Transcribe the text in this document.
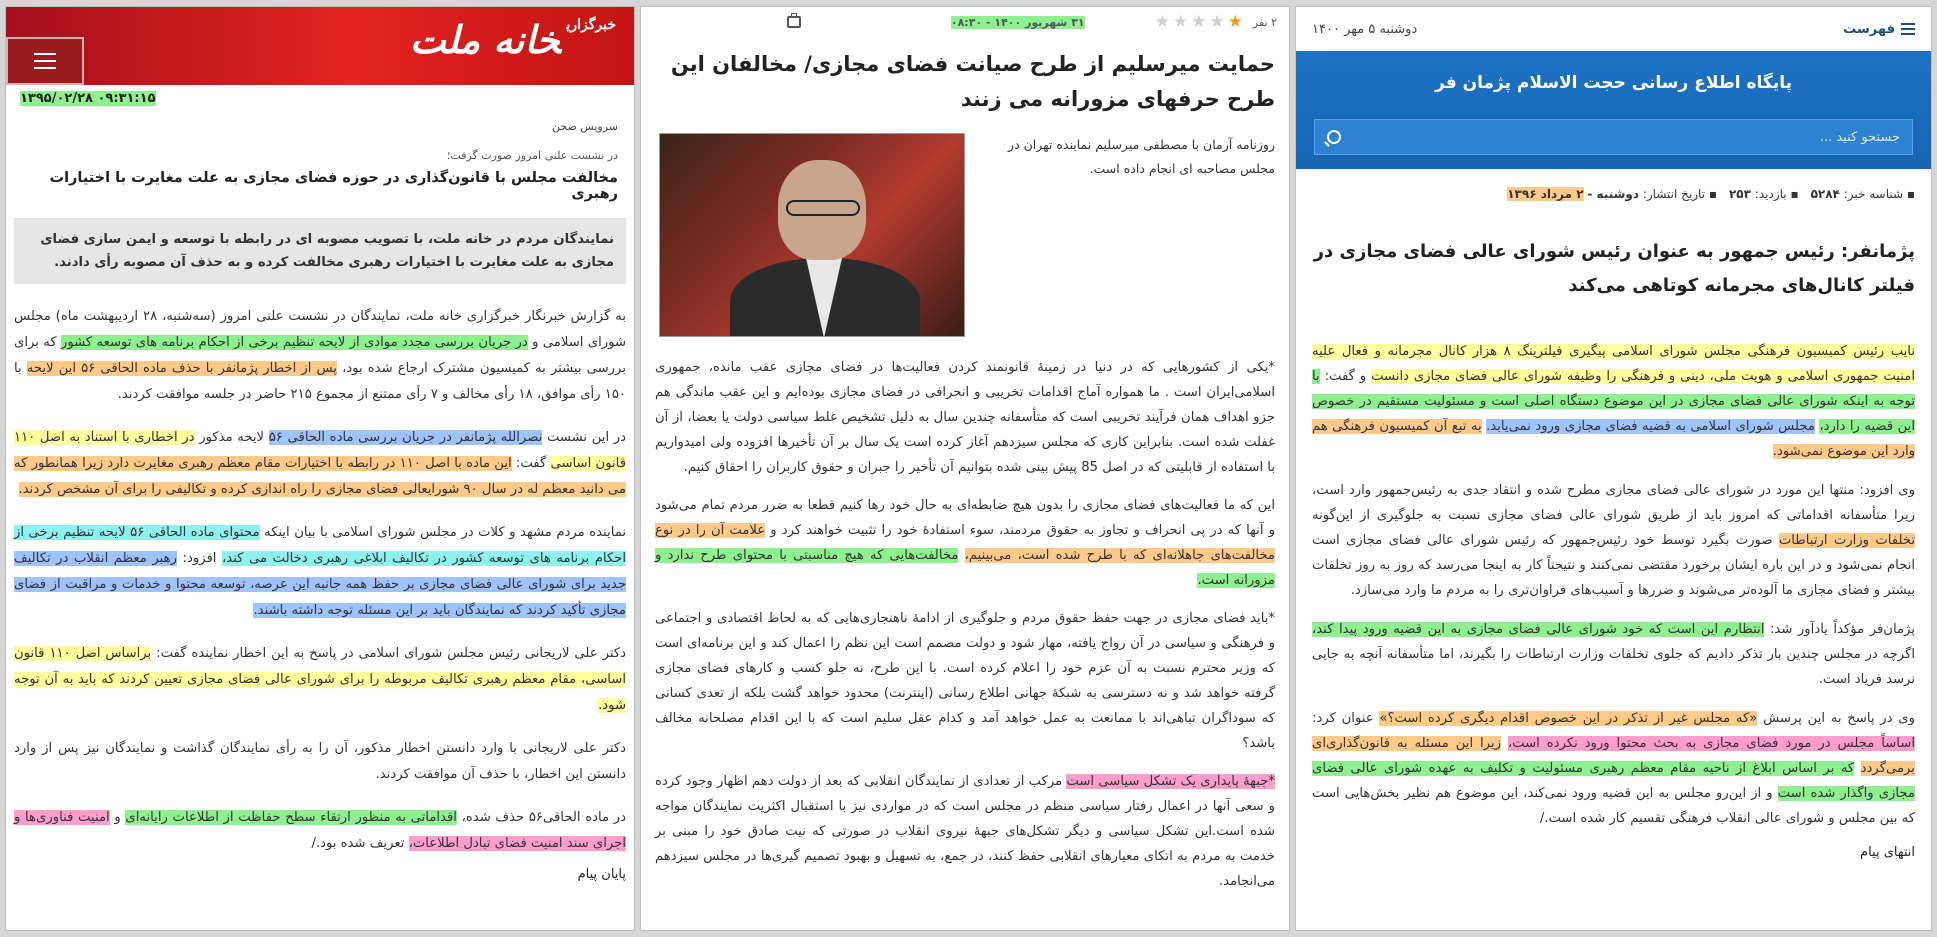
فهرست
دوشنبه ۵ مهر ۱۴۰۰
پایگاه اطلاع رسانی حجت الاسلام پژمان فر
جستجو کنید ...
▪ شناسه خبر: ۵۲۸۴
▪ بازدید: ۲۵۳
▪ تاریخ انتشار: دوشنبه - ۲ مرداد ۱۳۹۶
پژمانفر: رئیس جمهور به عنوان رئیس شورای عالی فضای مجازی در فیلتر کانال‌های مجرمانه کوتاهی می‌کند

نایب رئیس کمیسیون فرهنگی مجلس شورای اسلامی پیگیری فیلترینگ ۸ هزار کانال مجرمانه و فعال علیه امنیت جمهوری اسلامی و هویت ملی، دینی و فرهنگی را وظیفه شورای عالی فضای مجازی دانست و گفت: با توجه به اینکه شورای عالی فضای مجازی در این موضوع دستگاه اصلی است و مسئولیت مستقیم در خصوص این قضیه را دارد، مجلس شورای اسلامی به قضیه فضای مجازی ورود نمی‌یابد. به تبع آن کمیسیون فرهنگی هم وارد این موضوع نمی‌شود.

وی افزود: منتها این مورد در شورای عالی فضای مجازی مطرح شده و انتقاد جدی به رئیس‌جمهور وارد است، زیرا متأسفانه اقداماتی که امروز باید از طریق شورای عالی فضای مجازی نسبت به جلوگیری از این‌گونه تخلفات وزارت ارتباطات صورت بگیرد توسط خود رئیس‌جمهور که رئیس شورای عالی فضای مجازی است انجام نمی‌شود و در این باره ایشان برخورد مقتضی نمی‌کنند و نتیجتاً کار به اینجا می‌رسد که روز به روز تخلفات بیشتر و فضای مجازی ما آلوده‌تر می‌شوند و ضررها و آسیب‌های فراوان‌تری را به مردم ما وارد می‌سازد.

پژمان‌فر مؤکداً یادآور شد: انتظارم این است که خود شورای عالی فضای مجازی به این قضیه ورود پیدا کند، اگرچه در مجلس چندین بار تذکر دادیم که جلوی تخلفات وزارت ارتباطات را بگیرند، اما متأسفانه آنچه به جایی نرسد فریاد است.

وی در پاسخ به این پرسش «که مجلس غیر از تذکر در این خصوص اقدام دیگری کرده است؟» عنوان کرد: اساساً مجلس در مورد فضای مجازی به بحث محتوا ورود نکرده است، زیرا این مسئله به قانون‌گذاری‌ای برمی‌گردد که بر اساس ابلاغ از ناحیه مقام معظم رهبری مسئولیت و تکلیف به عهده شورای عالی فضای مجازی واگذار شده است و از این‌رو مجلس به این قضیه ورود نمی‌کند، این موضوع هم نظیر بخش‌هایی است که بین مجلس و شورای عالی انقلاب فرهنگی تقسیم کار شده است./

انتهای پیام
۲ نفر
★
★
★
★
★
۳۱ شهریور ۱۴۰۰ - ۰۸:۳۰
حمایت میرسلیم از طرح صیانت فضای مجازی/ مخالفان این طرح حرفهای مزورانه می زنند
روزنامه آرمان با مصطفی میرسلیم نماینده تهران در مجلس مصاحبه ای انجام داده است.

*یکی از کشورهایی که در دنیا در زمینهٔ قانونمند کردن فعالیت‌ها در فضای مجازی عقب مانده، جمهوری اسلامی‌ایران است . ما همواره آماج اقدامات تخریبی و انحرافی در فضای مجازی بوده‌ایم و این عقب ماندگی هم جزو اهداف همان فرآیند تخریبی است که متأسفانه چندین سال به دلیل تشخیص غلط سیاسی دولت یا بعضا، از آن غفلت شده است. بنابراین کاری که مجلس سیزدهم آغاز کرده است یک سال بر آن تأخیرها افزوده ولی امیدواریم با استفاده از قابلیتی که در اصل 85 پیش بینی شده بتوانیم آن تأخیر را جبران و حقوق کاربران را احقاق کنیم.

این که ما فعالیت‌های فضای مجازی را بدون هیچ ضابطه‌ای به حال خود رها کنیم قطعا به ضرر مردم تمام می‌شود و آنها که در پی انحراف و تجاوز به حقوق مردمند، سوء استفادهٔ خود را تثبیت خواهند کرد و علامت آن را در نوع مخالفت‌های جاهلانه‌ای که با طرح شده است، می‌بینیم، مخالفت‌هایی که هیچ مناسبتی با محتوای طرح ندارد و مزورانه است.

*باید فضای مجازی در جهت حفظ حقوق مردم و جلوگیری از ادامهٔ ناهنجاری‌هایی که به لحاظ اقتصادی و اجتماعی و فرهنگی و سیاسی در آن رواج یافته، مهار شود و دولت مصمم است این نظم را اعمال کند و این برنامه‌ای است که وزیر محترم نسبت به آن عزم خود را اعلام کرده است. با این طرح، نه جلو کسب و کارهای فضای مجازی گرفته خواهد شد و نه دسترسی به شبکهٔ جهانی اطلاع رسانی (اینترنت) محدود خواهد گشت بلکه از تعدی کسانی که سوداگران تباهی‌اند با ممانعت به عمل خواهد آمد و کدام عقل سلیم است که با این اقدام مصلحانه مخالف باشد؟

*جبههٔ پایداری یک تشکل سیاسی است مرکب از تعدادی از نمایندگان انقلابی که بعد از دولت دهم اظهار وجود کرده و سعی آنها در اعمال رفتار سیاسی منظم در مجلس است که در مواردی نیز با استقبال اکثریت نمایندگان مواجه شده است.این تشکل سیاسی و دیگر تشکل‌های جبههٔ نیروی انقلاب در صورتی که نیت صادق خود را مبنی بر خدمت به مردم به اتکای معیارهای انقلابی حفظ کنند، در جمع، به تسهیل و بهبود تصمیم گیری‌ها در مجلس سیزدهم می‌انجامد.

$^{خبرگزاری}$خانه ملت
۱۳۹۵/۰۲/۲۸ ۰۹:۳۱:۱۵
سرویس صحن
در نشست علنی امروز صورت گرفت؛
مخالفت مجلس با قانون‌گذاری در حوزه فضای مجازی به علت مغایرت با اختیارات رهبری
نمایندگان مردم در خانه ملت، با تصویب مصوبه ای در رابطه با توسعه و ایمن سازی فضای مجازی به علت مغایرت با اختیارات رهبری مخالفت کرده و به حذف آن مصوبه رأی دادند.

به گزارش خبرنگار خبرگزاری خانه ملت، نمایندگان در نشست علنی امروز (سه‌شنبه، ۲۸ اردیبهشت ماه) مجلس شورای اسلامی و در جریان بررسی مجدد موادی از لایحه تنظیم برخی از احکام برنامه های توسعه کشور که برای بررسی بیشتر به کمیسیون مشترک ارجاع شده بود، پس از اخطار پژمانفر با حذف ماده الحاقی ۵۶ این لایحه با ۱۵۰ رأی موافق، ۱۸ رأی مخالف و ۷ رأی ممتنع از مجموع ۲۱۵ حاضر در جلسه موافقت کردند.

در این نشست نصرالله پژمانفر در جریان بررسی ماده الحاقی ۵۶ لایحه مذکور در اخطاری با استناد به اصل ۱۱۰ قانون اساسی گفت: این ماده با اصل ۱۱۰ در رابطه با اختیارات مقام معظم رهبری مغایرت دارد زیرا همانطور که می دانید معظم له در سال ۹۰ شورایعالی فضای مجازی را راه اندازی کرده و تکالیفی را برای آن مشخص کردند.

نماینده مردم مشهد و کلات در مجلس شورای اسلامی با بیان اینکه محتوای ماده الحاقی ۵۶ لایحه تنظیم برخی از احکام برنامه های توسعه کشور در تکالیف ابلاغی رهبری دخالت می کند، افزود: رهبر معظم انقلاب در تکالیف جدید برای شورای عالی فضای مجازی بر حفظ همه جانبه این عرصه، توسعه محتوا و خدمات و مراقبت از فضای مجازی تأکید کردند که نمایندگان باید بر این مسئله توجه داشته باشند.

دکتر علی لاریجانی رئیس مجلس شورای اسلامی در پاسخ به این اخطار نماینده گفت: براساس اصل ۱۱۰ قانون اساسی، مقام معظم رهبری تکالیف مربوطه را برای شورای عالی فضای مجازی تعیین کردند که باید به آن توجه شود.

دکتر علی لاریجانی با وارد دانستن اخطار مذکور، آن را به رأی نمایندگان گذاشت و نمایندگان نیز پس از وارد دانستن این اخطار، با حذف آن موافقت کردند.

در ماده الحاقی۵۶ حذف شده، اقداماتی به منظور ارتقاء سطح حفاظت از اطلاعات رایانه‌ای و امنیت فناوری‌ها و اجرای سند امنیت فضای تبادل اطلاعات، تعریف شده بود./

پایان پیام
